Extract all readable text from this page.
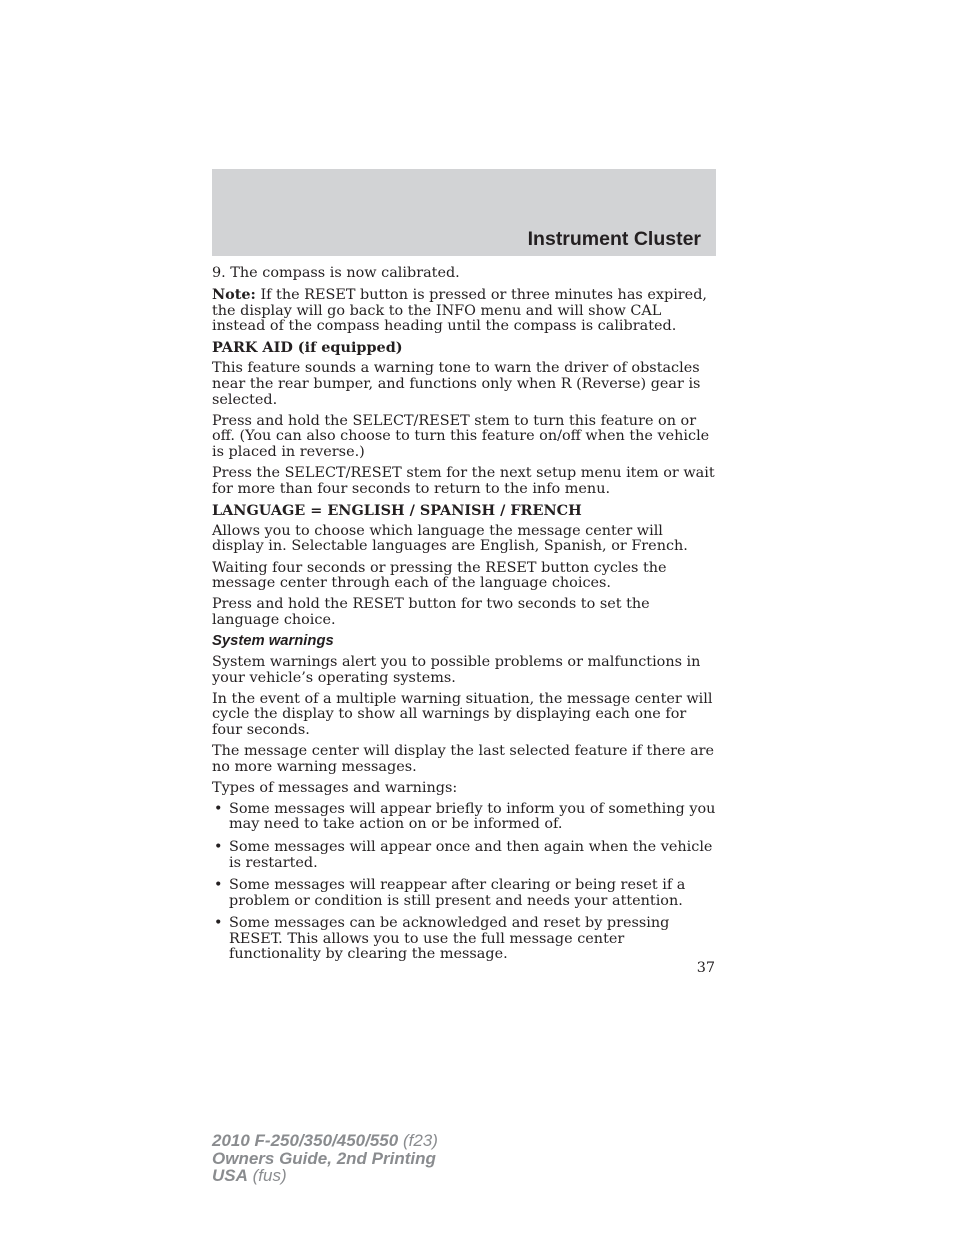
Instrument Cluster

9. The compass is now calibrated.

Note: If the RESET button is pressed or three minutes has expired, the display will go back to the INFO menu and will show CAL instead of the compass heading until the compass is calibrated.

PARK AID (if equipped)

This feature sounds a warning tone to warn the driver of obstacles near the rear bumper, and functions only when R (Reverse) gear is selected.

Press and hold the SELECT/RESET stem to turn this feature on or off. (You can also choose to turn this feature on/off when the vehicle is placed in reverse.)

Press the SELECT/RESET stem for the next setup menu item or wait for more than four seconds to return to the info menu.

LANGUAGE = ENGLISH / SPANISH / FRENCH

Allows you to choose which language the message center will display in. Selectable languages are English, Spanish, or French.

Waiting four seconds or pressing the RESET button cycles the message center through each of the language choices.

Press and hold the RESET button for two seconds to set the language choice.

System warnings

System warnings alert you to possible problems or malfunctions in your vehicle’s operating systems.

In the event of a multiple warning situation, the message center will cycle the display to show all warnings by displaying each one for four seconds.

The message center will display the last selected feature if there are no more warning messages.

Types of messages and warnings:

• Some messages will appear briefly to inform you of something you may need to take action on or be informed of.
• Some messages will appear once and then again when the vehicle is restarted.
• Some messages will reappear after clearing or being reset if a problem or condition is still present and needs your attention.
• Some messages can be acknowledged and reset by pressing RESET. This allows you to use the full message center functionality by clearing the message.
37
2010 F-250/350/450/550 (f23)
Owners Guide, 2nd Printing
USA (fus)
